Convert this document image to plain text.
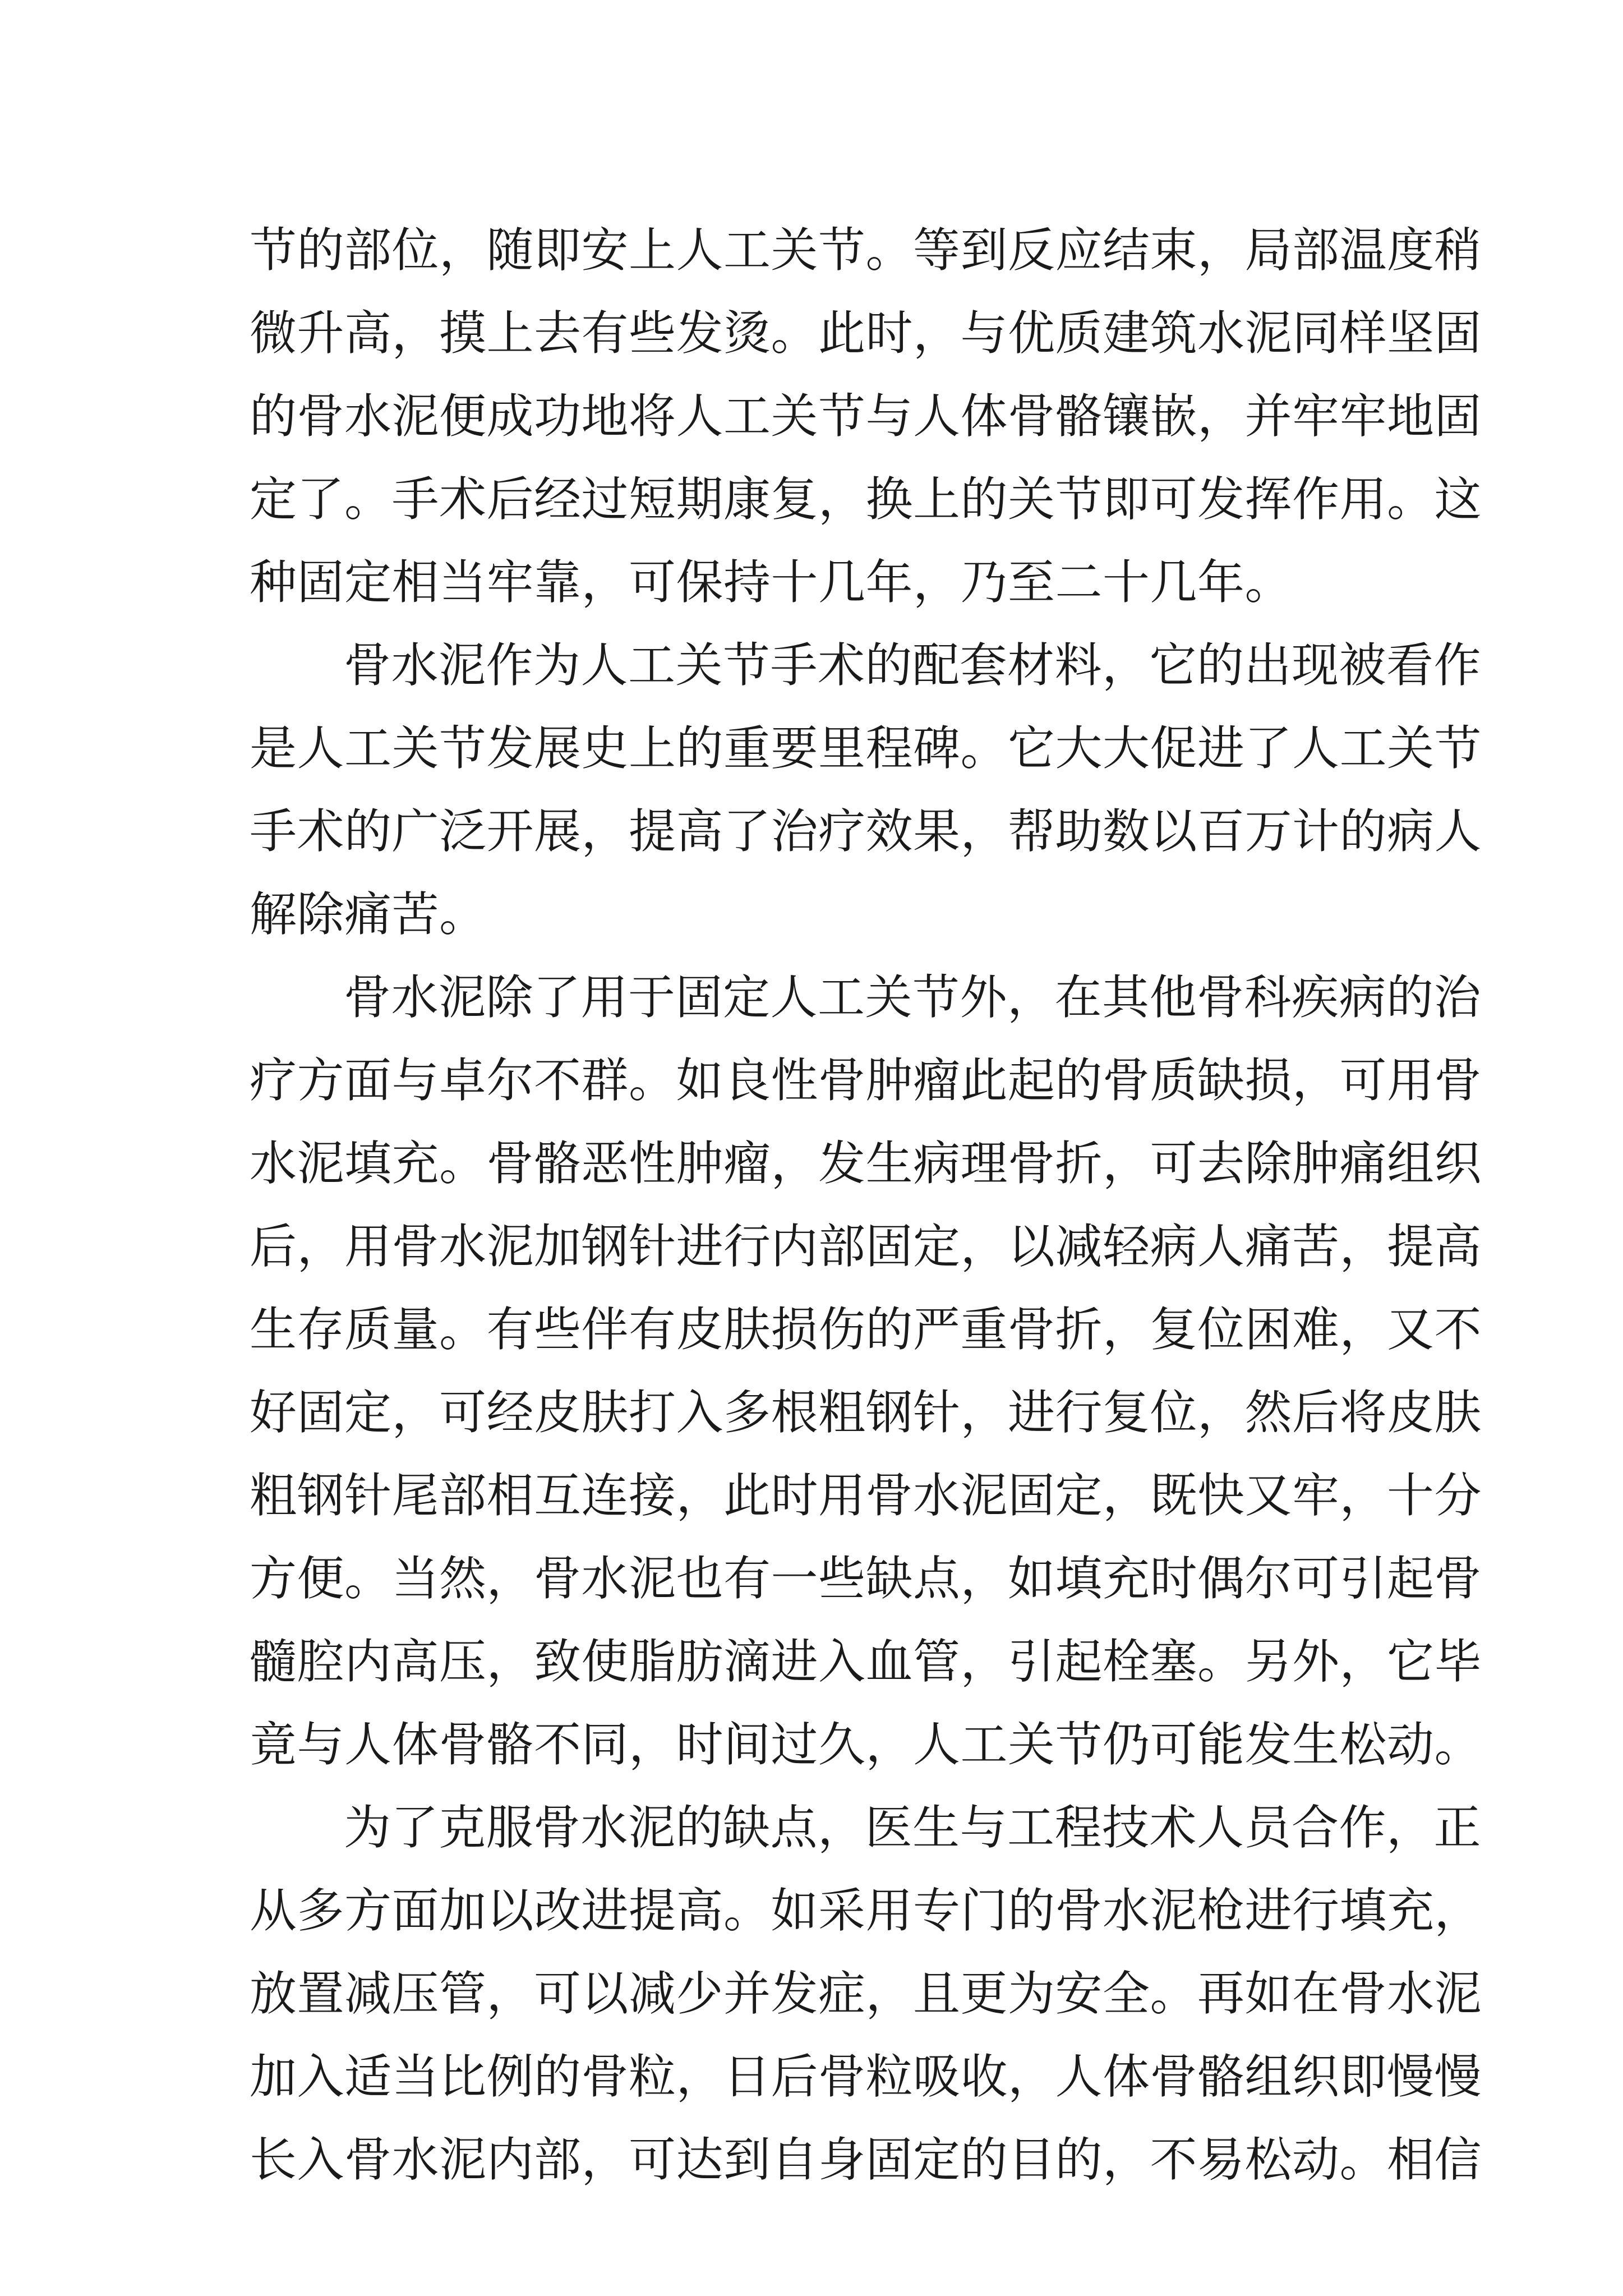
节的部位，随即安上人工关节。等到反应结束，局部温度稍
微升高，摸上去有些发烫。此时，与优质建筑水泥同样坚固
的骨水泥便成功地将人工关节与人体骨骼镶嵌，并牢牢地固
定了。手术后经过短期康复，换上的关节即可发挥作用。这
种固定相当牢靠，可保持十几年，乃至二十几年。
骨水泥作为人工关节手术的配套材料，它的出现被看作
是人工关节发展史上的重要里程碑。它大大促进了人工关节
手术的广泛开展，提高了治疗效果，帮助数以百万计的病人
解除痛苦。
骨水泥除了用于固定人工关节外，在其他骨科疾病的治
疗方面与卓尔不群。如良性骨肿瘤此起的骨质缺损，可用骨
水泥填充。骨骼恶性肿瘤，发生病理骨折，可去除肿痛组织
后，用骨水泥加钢针进行内部固定，以减轻病人痛苦，提高
生存质量。有些伴有皮肤损伤的严重骨折，复位困难，又不
好固定，可经皮肤打入多根粗钢针，进行复位，然后将皮肤
粗钢针尾部相互连接，此时用骨水泥固定，既快又牢，十分
方便。当然，骨水泥也有一些缺点，如填充时偶尔可引起骨
髓腔内高压，致使脂肪滴进入血管，引起栓塞。另外，它毕
竟与人体骨骼不同，时间过久，人工关节仍可能发生松动。
为了克服骨水泥的缺点，医生与工程技术人员合作，正
从多方面加以改进提高。如采用专门的骨水泥枪进行填充，
放置减压管，可以减少并发症，且更为安全。再如在骨水泥
加入适当比例的骨粒，日后骨粒吸收，人体骨骼组织即慢慢
长入骨水泥内部，可达到自身固定的目的，不易松动。相信
